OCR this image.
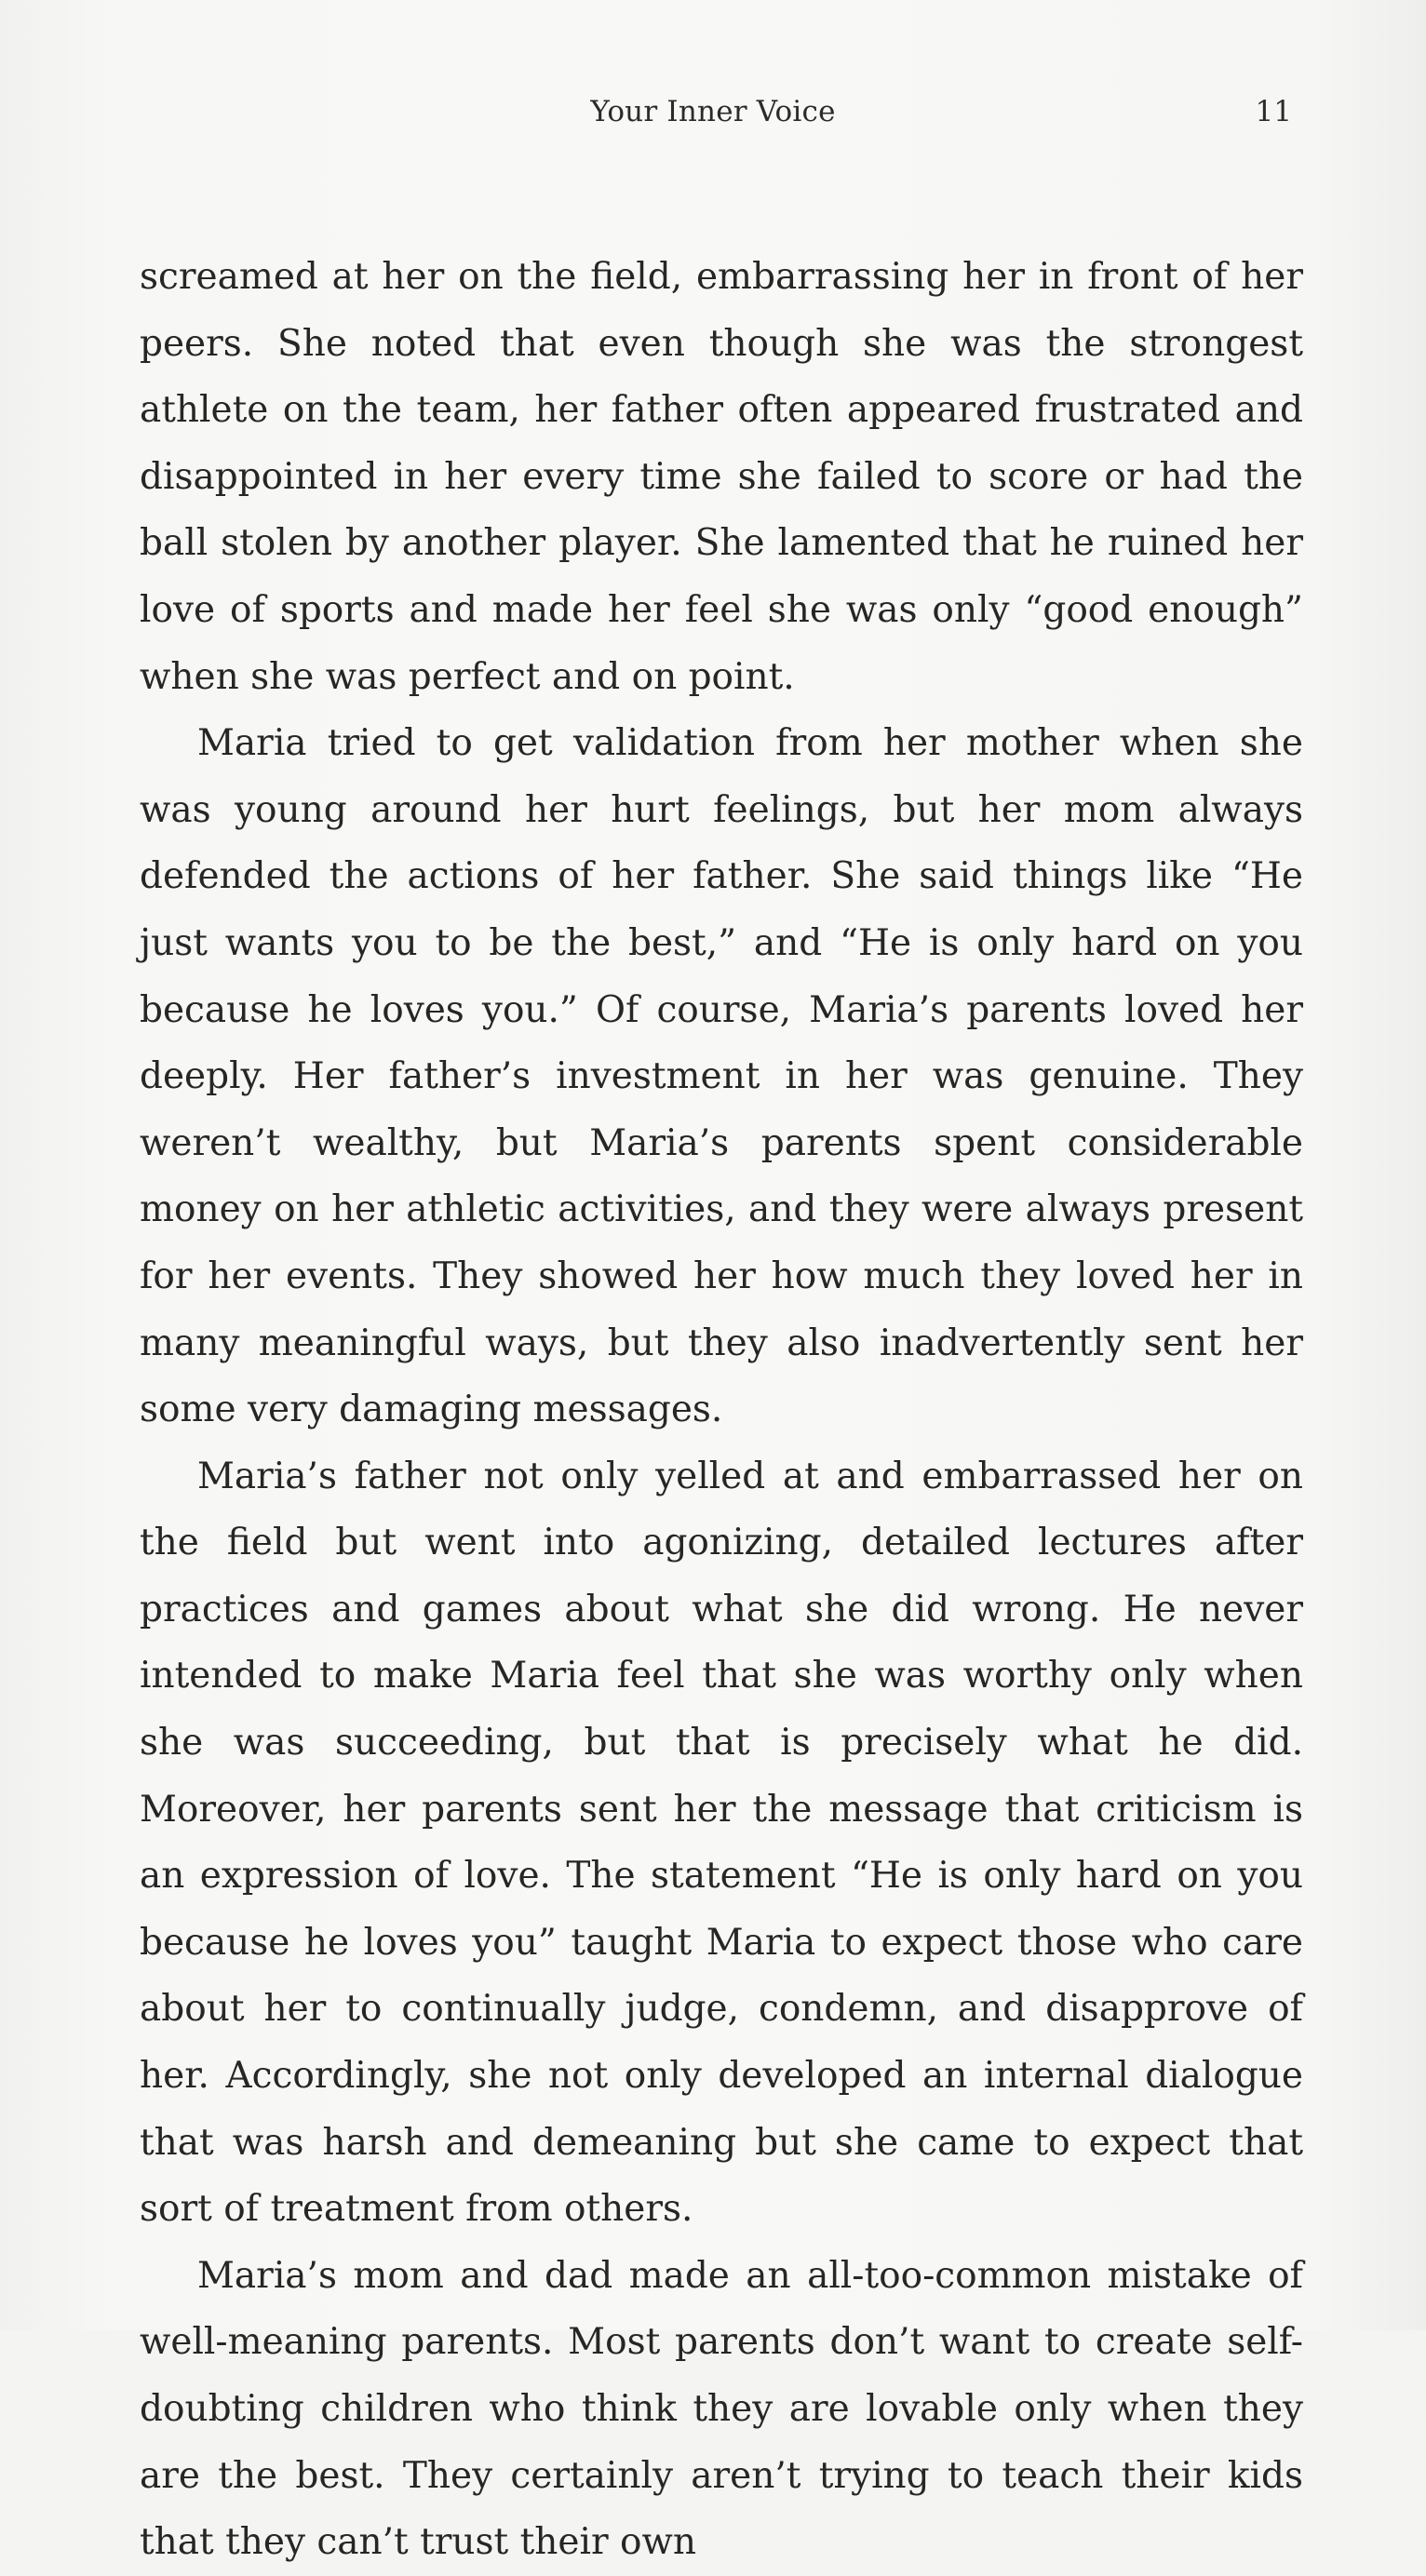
Your Inner Voice	11

screamed at her on the field, embarrassing her in front of her peers. She noted that even though she was the strongest athlete on the team, her father often appeared frustrated and disappointed in her every time she failed to score or had the ball stolen by another player. She lamented that he ruined her love of sports and made her feel she was only “good enough” when she was perfect and on point.

Maria tried to get validation from her mother when she was young around her hurt feelings, but her mom always defended the actions of her father. She said things like “He just wants you to be the best,” and “He is only hard on you because he loves you.” Of course, Maria’s parents loved her deeply. Her father’s investment in her was genuine. They weren’t wealthy, but Maria’s parents spent considerable money on her athletic activities, and they were always present for her events. They showed her how much they loved her in many meaningful ways, but they also inadvertently sent her some very damaging messages.

Maria’s father not only yelled at and embarrassed her on the field but went into agonizing, detailed lectures after practices and games about what she did wrong. He never intended to make Maria feel that she was worthy only when she was succeeding, but that is precisely what he did. Moreover, her parents sent her the message that criticism is an expression of love. The statement “He is only hard on you because he loves you” taught Maria to expect those who care about her to continually judge, condemn, and disapprove of her. Accordingly, she not only developed an internal dialogue that was harsh and demeaning but she came to expect that sort of treatment from others.

Maria’s mom and dad made an all-too-common mistake of well-meaning parents. Most parents don’t want to create self-doubting children who think they are lovable only when they are the best. They certainly aren’t trying to teach their kids that they can’t trust their own
